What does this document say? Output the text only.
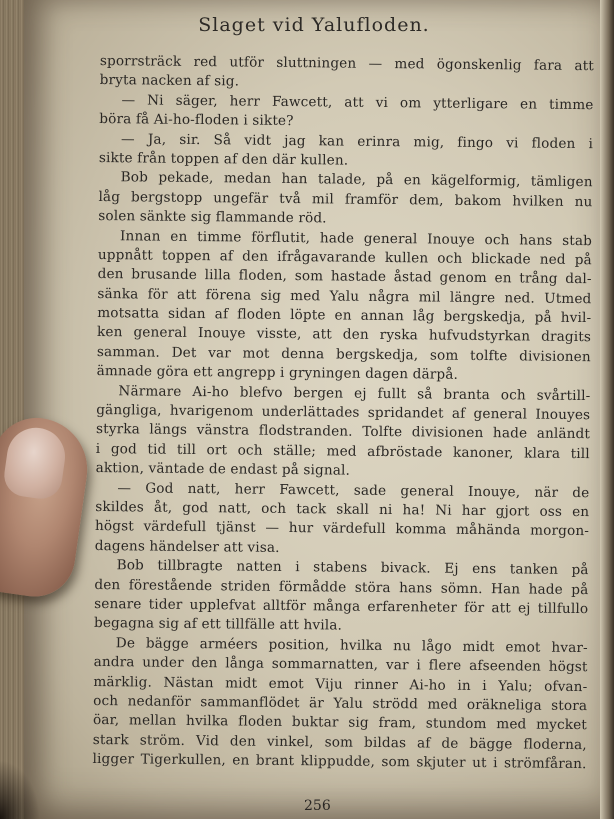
Slaget vid Yalufloden.
sporrsträck red utför sluttningen — med ögonskenlig fara att
bryta nacken af sig.
— Ni säger, herr Fawcett, att vi om ytterligare en timme
böra få Ai-ho-floden i sikte?
— Ja, sir. Så vidt jag kan erinra mig, fingo vi floden i
sikte från toppen af den där kullen.
Bob pekade, medan han talade, på en kägelformig, tämligen
låg bergstopp ungefär två mil framför dem, bakom hvilken nu
solen sänkte sig flammande röd.
Innan en timme förflutit, hade general Inouye och hans stab
uppnått toppen af den ifrågavarande kullen och blickade ned på
den brusande lilla floden, som hastade åstad genom en trång dal-
sänka för att förena sig med Yalu några mil längre ned. Utmed
motsatta sidan af floden löpte en annan låg bergskedja, på hvil-
ken general Inouye visste, att den ryska hufvudstyrkan dragits
samman. Det var mot denna bergskedja, som tolfte divisionen
ämnade göra ett angrepp i gryningen dagen därpå.
Närmare Ai-ho blefvo bergen ej fullt så branta och svårtill-
gängliga, hvarigenom underlättades spridandet af general Inouyes
styrka längs vänstra flodstranden. Tolfte divisionen hade anländt
i god tid till ort och ställe; med afbröstade kanoner, klara till
aktion, väntade de endast på signal.
— God natt, herr Fawcett, sade general Inouye, när de
skildes åt, god natt, och tack skall ni ha! Ni har gjort oss en
högst värdefull tjänst — hur värdefull komma måhända morgon-
dagens händelser att visa.
Bob tillbragte natten i stabens bivack. Ej ens tanken på
den förestående striden förmådde störa hans sömn. Han hade på
senare tider upplefvat alltför många erfarenheter för att ej tillfullo
begagna sig af ett tillfälle att hvila.
De bägge arméers position, hvilka nu lågo midt emot hvar-
andra under den långa sommarnatten, var i flere afseenden högst
märklig. Nästan midt emot Viju rinner Ai-ho in i Yalu; ofvan-
och nedanför sammanflödet är Yalu strödd med oräkneliga stora
öar, mellan hvilka floden buktar sig fram, stundom med mycket
stark ström. Vid den vinkel, som bildas af de bägge floderna,
ligger Tigerkullen, en brant klippudde, som skjuter ut i strömfåran.
256
